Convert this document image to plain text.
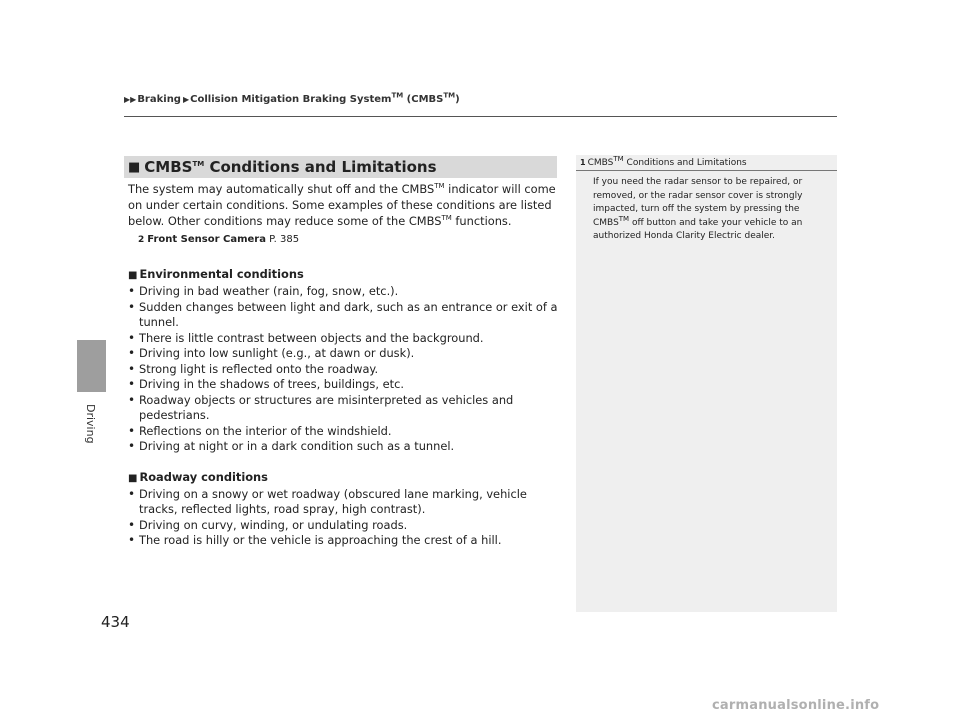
Driving
434
▶▶ Braking ▶ Collision Mitigation Braking System™ (CMBS™)
■ CMBS™ Conditions and Limitations

The system may automatically shut off and the CMBS™ indicator will come on under certain conditions. Some examples of these conditions are listed below. Other conditions may reduce some of the CMBS™ functions.

2 Front Sensor Camera P. 385
■ Environmental conditions
• Driving in bad weather (rain, fog, snow, etc.).
• Sudden changes between light and dark, such as an entrance or exit of a tunnel.
• There is little contrast between objects and the background.
• Driving into low sunlight (e.g., at dawn or dusk).
• Strong light is reflected onto the roadway.
• Driving in the shadows of trees, buildings, etc.
• Roadway objects or structures are misinterpreted as vehicles and pedestrians.
• Reflections on the interior of the windshield.
• Driving at night or in a dark condition such as a tunnel.
■ Roadway conditions
• Driving on a snowy or wet roadway (obscured lane marking, vehicle tracks, reflected lights, road spray, high contrast).
• Driving on curvy, winding, or undulating roads.
• The road is hilly or the vehicle is approaching the crest of a hill.
1 CMBS™ Conditions and Limitations
If you need the radar sensor to be repaired, or removed, or the radar sensor cover is strongly impacted, turn off the system by pressing the CMBS™ off button and take your vehicle to an authorized Honda Clarity Electric dealer.
carmanualsonline.info
